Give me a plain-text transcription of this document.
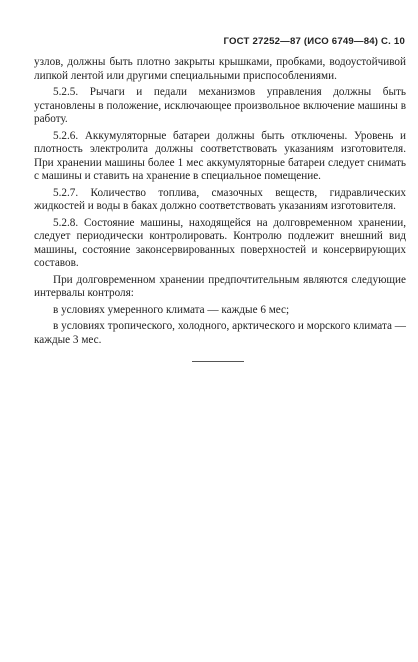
ГОСТ 27252—87 (ИСО 6749—84) С. 10

узлов, должны быть плотно закрыты крышками, пробками, водоустойчивой липкой лентой или другими специальными приспособлениями.

5.2.5. Рычаги и педали механизмов управления должны быть установлены в положение, исключающее произвольное включение машины в работу.

5.2.6. Аккумуляторные батареи должны быть отключены. Уровень и плотность электролита должны соответствовать указаниям изготовителя. При хранении машины более 1 мес аккумуляторные батареи следует снимать с машины и ставить на хранение в специальное помещение.

5.2.7. Количество топлива, смазочных веществ, гидравлических жидкостей и воды в баках должно соответствовать указаниям изготовителя.

5.2.8. Состояние машины, находящейся на долговременном хранении, следует периодически контролировать. Контролю подлежит внешний вид машины, состояние законсервированных поверхностей и консервирующих составов.

При долговременном хранении предпочтительным являются следующие интервалы контроля:

в условиях умеренного климата — каждые 6 мес;

в условиях тропического, холодного, арктического и морского климата — каждые 3 мес.
